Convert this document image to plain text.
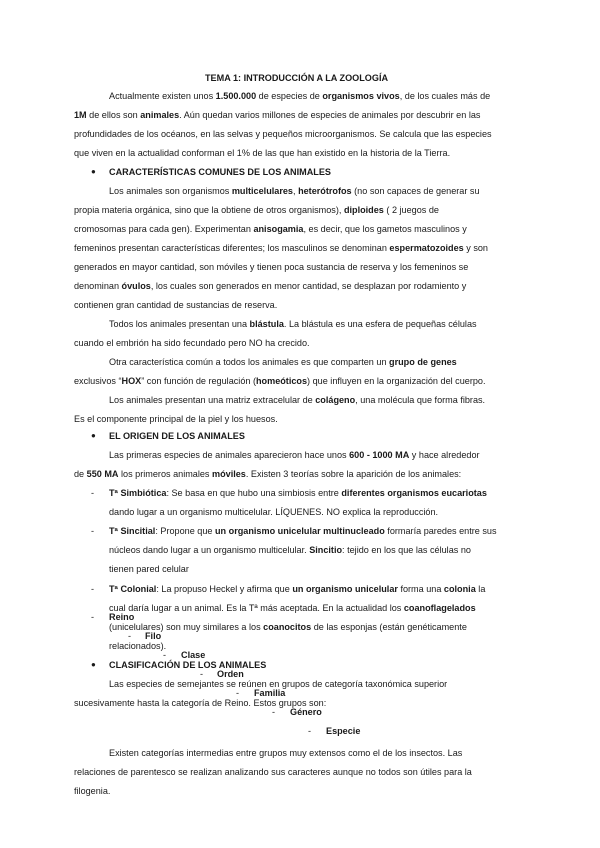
TEMA 1: INTRODUCCIÓN A LA ZOOLOGÍA
Actualmente existen unos 1.500.000 de especies de organismos vivos, de los cuales más de
1M de ellos son animales. Aún quedan varios millones de especies de animales por descubrir en las
profundidades de los océanos, en las selvas y pequeños microorganismos. Se calcula que las especies
que viven en la actualidad conforman el 1% de las que han existido en la historia de la Tierra.
● CARACTERÍSTICAS COMUNES DE LOS ANIMALES
Los animales son organismos multicelulares, heterótrofos (no son capaces de generar su
propia materia orgánica, sino que la obtiene de otros organismos), diploides ( 2 juegos de
cromosomas para cada gen). Experimentan anisogamia, es decir, que los gametos masculinos y
femeninos presentan características diferentes; los masculinos se denominan espermatozoides y son
generados en mayor cantidad, son móviles y tienen poca sustancia de reserva y los femeninos se
denominan óvulos, los cuales son generados en menor cantidad, se desplazan por rodamiento y
contienen gran cantidad de sustancias de reserva.
Todos los animales presentan una blástula. La blástula es una esfera de pequeñas células
cuando el embrión ha sido fecundado pero NO ha crecido.
Otra característica común a todos los animales es que comparten un grupo de genes
exclusivos “HOX” con función de regulación (homeóticos) que influyen en la organización del cuerpo.
Los animales presentan una matriz extracelular de colágeno, una molécula que forma fibras.
Es el componente principal de la piel y los huesos.
● EL ORIGEN DE LOS ANIMALES
Las primeras especies de animales aparecieron hace unos 600 - 1000 MA y hace alrededor
de 550 MA los primeros animales móviles. Existen 3 teorías sobre la aparición de los animales:
- Tª Simbiótica: Se basa en que hubo una simbiosis entre diferentes organismos eucariotas
dando lugar a un organismo multicelular. LÍQUENES. NO explica la reproducción.
- Tª Sincitial: Propone que un organismo unicelular multinucleado formaría paredes entre sus
núcleos dando lugar a un organismo multicelular. Sincitio: tejido en los que las células no
tienen pared celular
- Tª Colonial: La propuso Heckel y afirma que un organismo unicelular forma una colonia la
cual daría lugar a un animal. Es la Tª más aceptada. En la actualidad los coanoflagelados
(unicelulares) son muy similares a los coanocitos de las esponjas (están genéticamente
relacionados).
● CLASIFICACIÓN DE LOS ANIMALES
Las especies de semejantes se reúnen en grupos de categoría taxonómica superior
sucesivamente hasta la categoría de Reino. Estos grupos son:
- Reino
- Filo
- Clase
- Orden
- Familia
- Género
- Especie
Existen categorías intermedias entre grupos muy extensos como el de los insectos. Las
relaciones de parentesco se realizan analizando sus caracteres aunque no todos son útiles para la
filogenia.
